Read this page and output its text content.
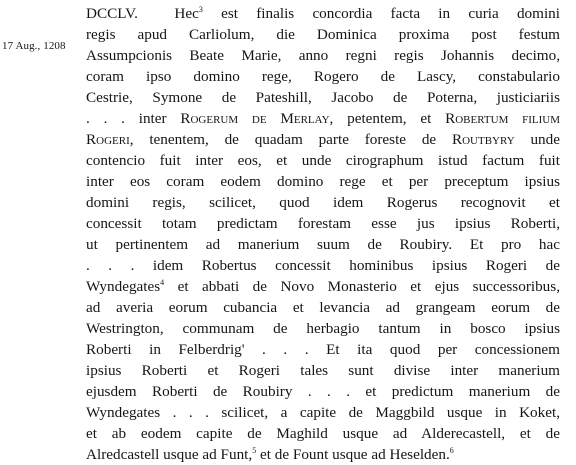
17 Aug., 1208
DCCLV. Hec$^3$ est finalis concordia facta in curia domini
regis apud Carliolum, die Dominica proxima post festum
Assumpcionis Beate Marie, anno regni regis Johannis decimo,
coram ipso domino rege, Rogero de Lascy, constabulario
Cestrie, Symone de Pateshill, Jacobo de Poterna, justiciariis
. . . inter Rogerum de Merlay, petentem, et Robertum filium
Rogeri, tenentem, de quadam parte foreste de Routbyry unde
contencio fuit inter eos, et unde cirographum istud factum fuit
inter eos coram eodem domino rege et per preceptum ipsius
domini regis, scilicet, quod idem Rogerus recognovit et
concessit totam predictam forestam esse jus ipsius Roberti,
ut pertinentem ad manerium suum de Roubiry. Et pro hac
. . . idem Robertus concessit hominibus ipsius Rogeri de
Wyndegates$^4$ et abbati de Novo Monasterio et ejus successoribus,
ad averia eorum cubancia et levancia ad grangeam eorum de
Westrington, communam de herbagio tantum in bosco ipsius
Roberti in Felberdrig' . . . Et ita quod per concessionem
ipsius Roberti et Rogeri tales sunt divise inter manerium
ejusdem Roberti de Roubiry . . . et predictum manerium de
Wyndegates . . . scilicet, a capite de Maggbild usque in Koket,
et ab eodem capite de Maghild usque ad Alderecastell, et de
Alredcastell usque ad Funt,$^5$ et de Fount usque ad Heselden.$^6$
